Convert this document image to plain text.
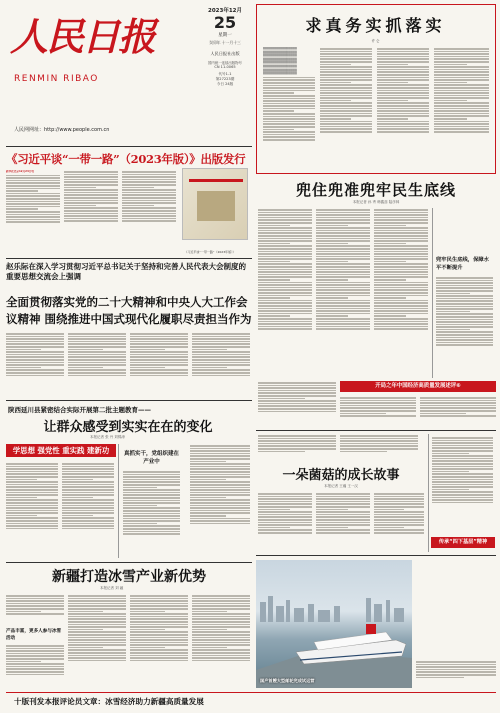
人民日报
RENMIN RIBAO
人民网网址：http://www.people.com.cn
2023年12月
25
星期一
癸卯年 十一月十三
人民日报社出版
国内统一连续出版物号
CN 11-0065
代号1-1
第27223期
今日 24版
求真务实抓落实
许 仑
▒▒▒▒▒▒▒▒▒▒▒▒▒▒▒▒▒
▒▒▒▒▒▒▒▒▒▒▒▒▒▒▒▒▒
▒▒▒▒▒▒▒▒▒▒▒▒▒▒▒▒▒
▒▒▒▒▒▒▒▒▒▒▒▒▒▒▒▒▒
▒▒▒▒▒▒▒▒▒▒▒▒▒▒▒▒▒
▒▒▒▒▒▒▒▒▒▒▒▒▒▒▒▒▒
▒▒▒▒▒▒▒▒▒▒▒▒▒▒▒▒▒
▒▒▒▒▒▒▒▒▒▒▒▒▒▒▒▒▒
《习近平谈“一带一路”（2023年版）》出版发行
新华社北京12月24日电
《习近平谈“一带一路”（2023年版）》
赵乐际在深入学习贯彻习近平总书记关于坚持和完善人民代表大会制度的重要思想交流会上强调
全面贯彻落实党的二十大精神和中央人大工作会议精神 围绕推进中国式现代化履职尽责担当作为
陕西延川县紧密结合实际开展第二批主题教育——
让群众感受到实实在在的变化
本报记者 张 丹 刘锦涛
学思想 强党性 重实践 建新功	真抓实干，党组织建在产业中
新疆打造冰雪产业新优势
本报记者 刘 融
产品丰富，更多人参与冰雪活动
兜住兜准兜牢民生底线
本报记者 孙 秀 韩鑫蕊 陆彦林
兜牢民生底线，保障水平不断提升
开局之年中国经济高质量发展述评⑥
一朵菌菇的成长故事
本报记者 王瀚 王一汉
传承“四下基层”精神
国产首艘大型邮轮完成试运营
十版刊发本报评论员文章：冰雪经济助力新疆高质量发展
